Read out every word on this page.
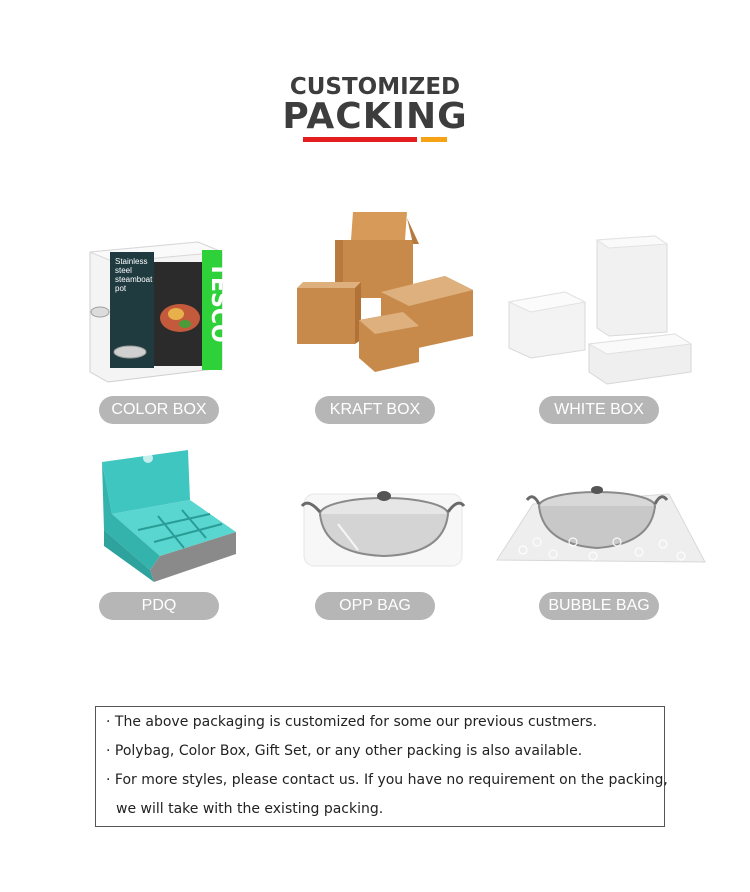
CUSTOMIZED
PACKING
TESCO
Stainless
steel
steamboat
pot
COLOR BOX	KRAFT BOX	WHITE BOX
PDQ	OPP BAG	BUBBLE BAG
· The above packaging is customized for some our previous custmers.
· Polybag, Color Box, Gift Set, or any other packing is also available.
· For more styles, please contact us. If you have no requirement on the packing,
we will take with the existing packing.
